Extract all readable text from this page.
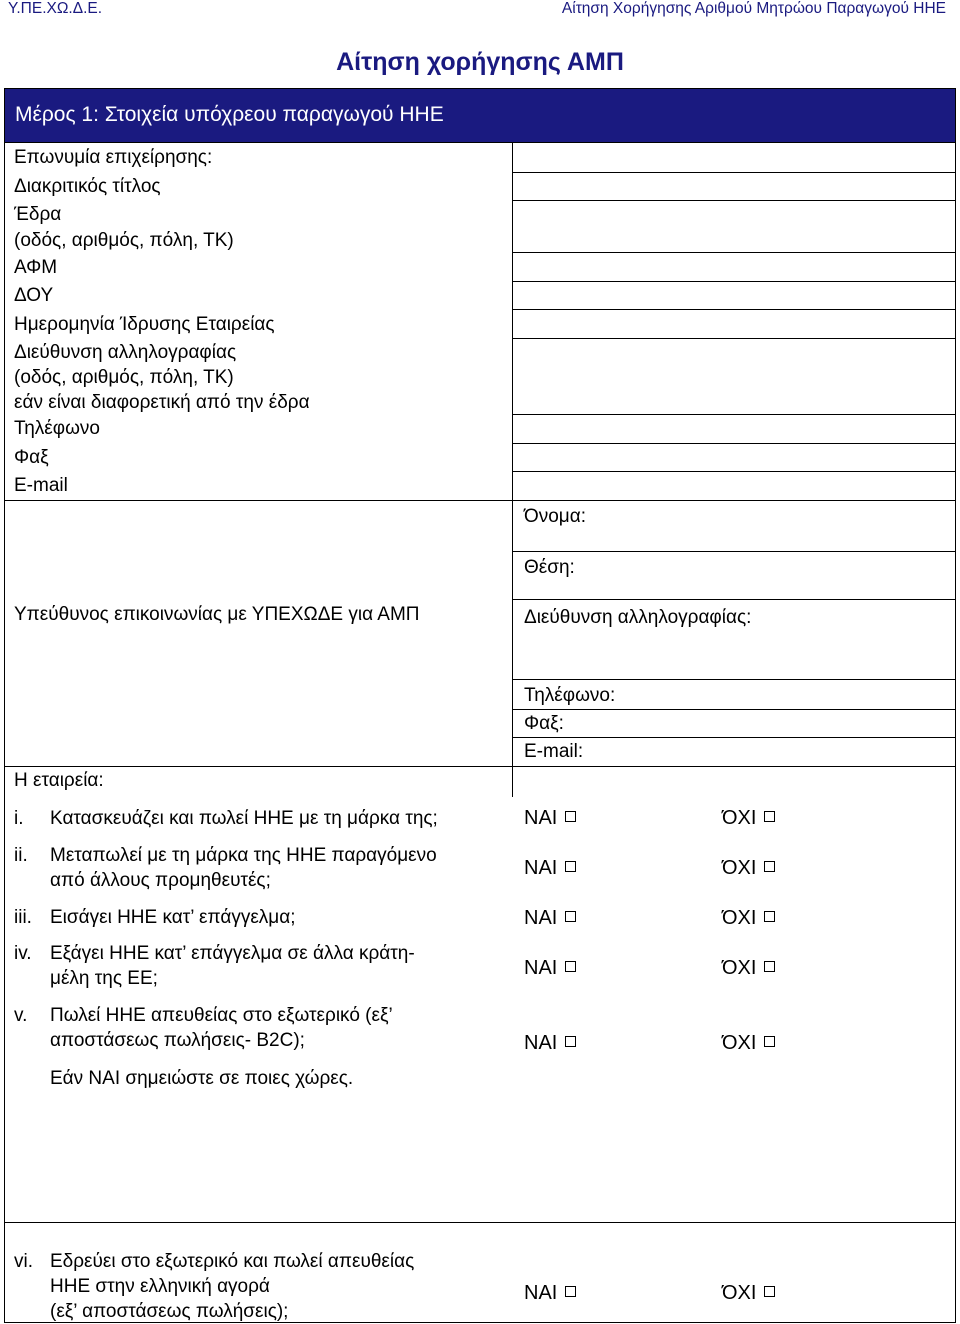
Υ.ΠΕ.ΧΩ.Δ.Ε.	Αίτηση Χορήγησης Αριθμού Μητρώου Παραγωγού ΗΗΕ
Αίτηση χορήγησης ΑΜΠ
Μέρος 1: Στοιχεία υπόχρεου παραγωγού ΗΗΕ
Επωνυμία επιχείρησης:
Διακριτικός τίτλος
Έδρα
(οδός, αριθμός, πόλη, ΤΚ)
ΑΦΜ
ΔΟΥ
Ημερομηνία Ίδρυσης Εταιρείας
Διεύθυνση αλληλογραφίας
(οδός, αριθμός, πόλη, ΤΚ)
εάν είναι διαφορετική από την έδρα
Τηλέφωνο
Φαξ
E-mail
Υπεύθυνος επικοινωνίας με ΥΠΕΧΩΔΕ για ΑΜΠ
Όνομα:
Θέση:
Διεύθυνση αλληλογραφίας:
Τηλέφωνο:
Φαξ:
E-mail:
Η εταιρεία:
i. Κατασκευάζει και πωλεί ΗΗΕ με τη μάρκα της;	ΝΑΙ	ΌΧΙ
ii. Μεταπωλεί με τη μάρκα της ΗΗΕ παραγόμενο
από άλλους προμηθευτές;
ΝΑΙ	ΌΧΙ
iii. Εισάγει ΗΗΕ κατ’ επάγγελμα;	ΝΑΙ	ΌΧΙ
iv. Εξάγει ΗΗΕ κατ’ επάγγελμα σε άλλα κράτη-
μέλη της ΕΕ;	ΝΑΙ	ΌΧΙ
v. Πωλεί ΗΗΕ απευθείας στο εξωτερικό (εξ’
αποστάσεως πωλήσεις- B2C);
Εάν ΝΑΙ σημειώστε σε ποιες χώρες.
ΝΑΙ	ΌΧΙ
vi. Εδρεύει στο εξωτερικό και πωλεί απευθείας
ΗΗΕ στην ελληνική αγορά
(εξ’ αποστάσεως πωλήσεις);
ΝΑΙ	ΌΧΙ
